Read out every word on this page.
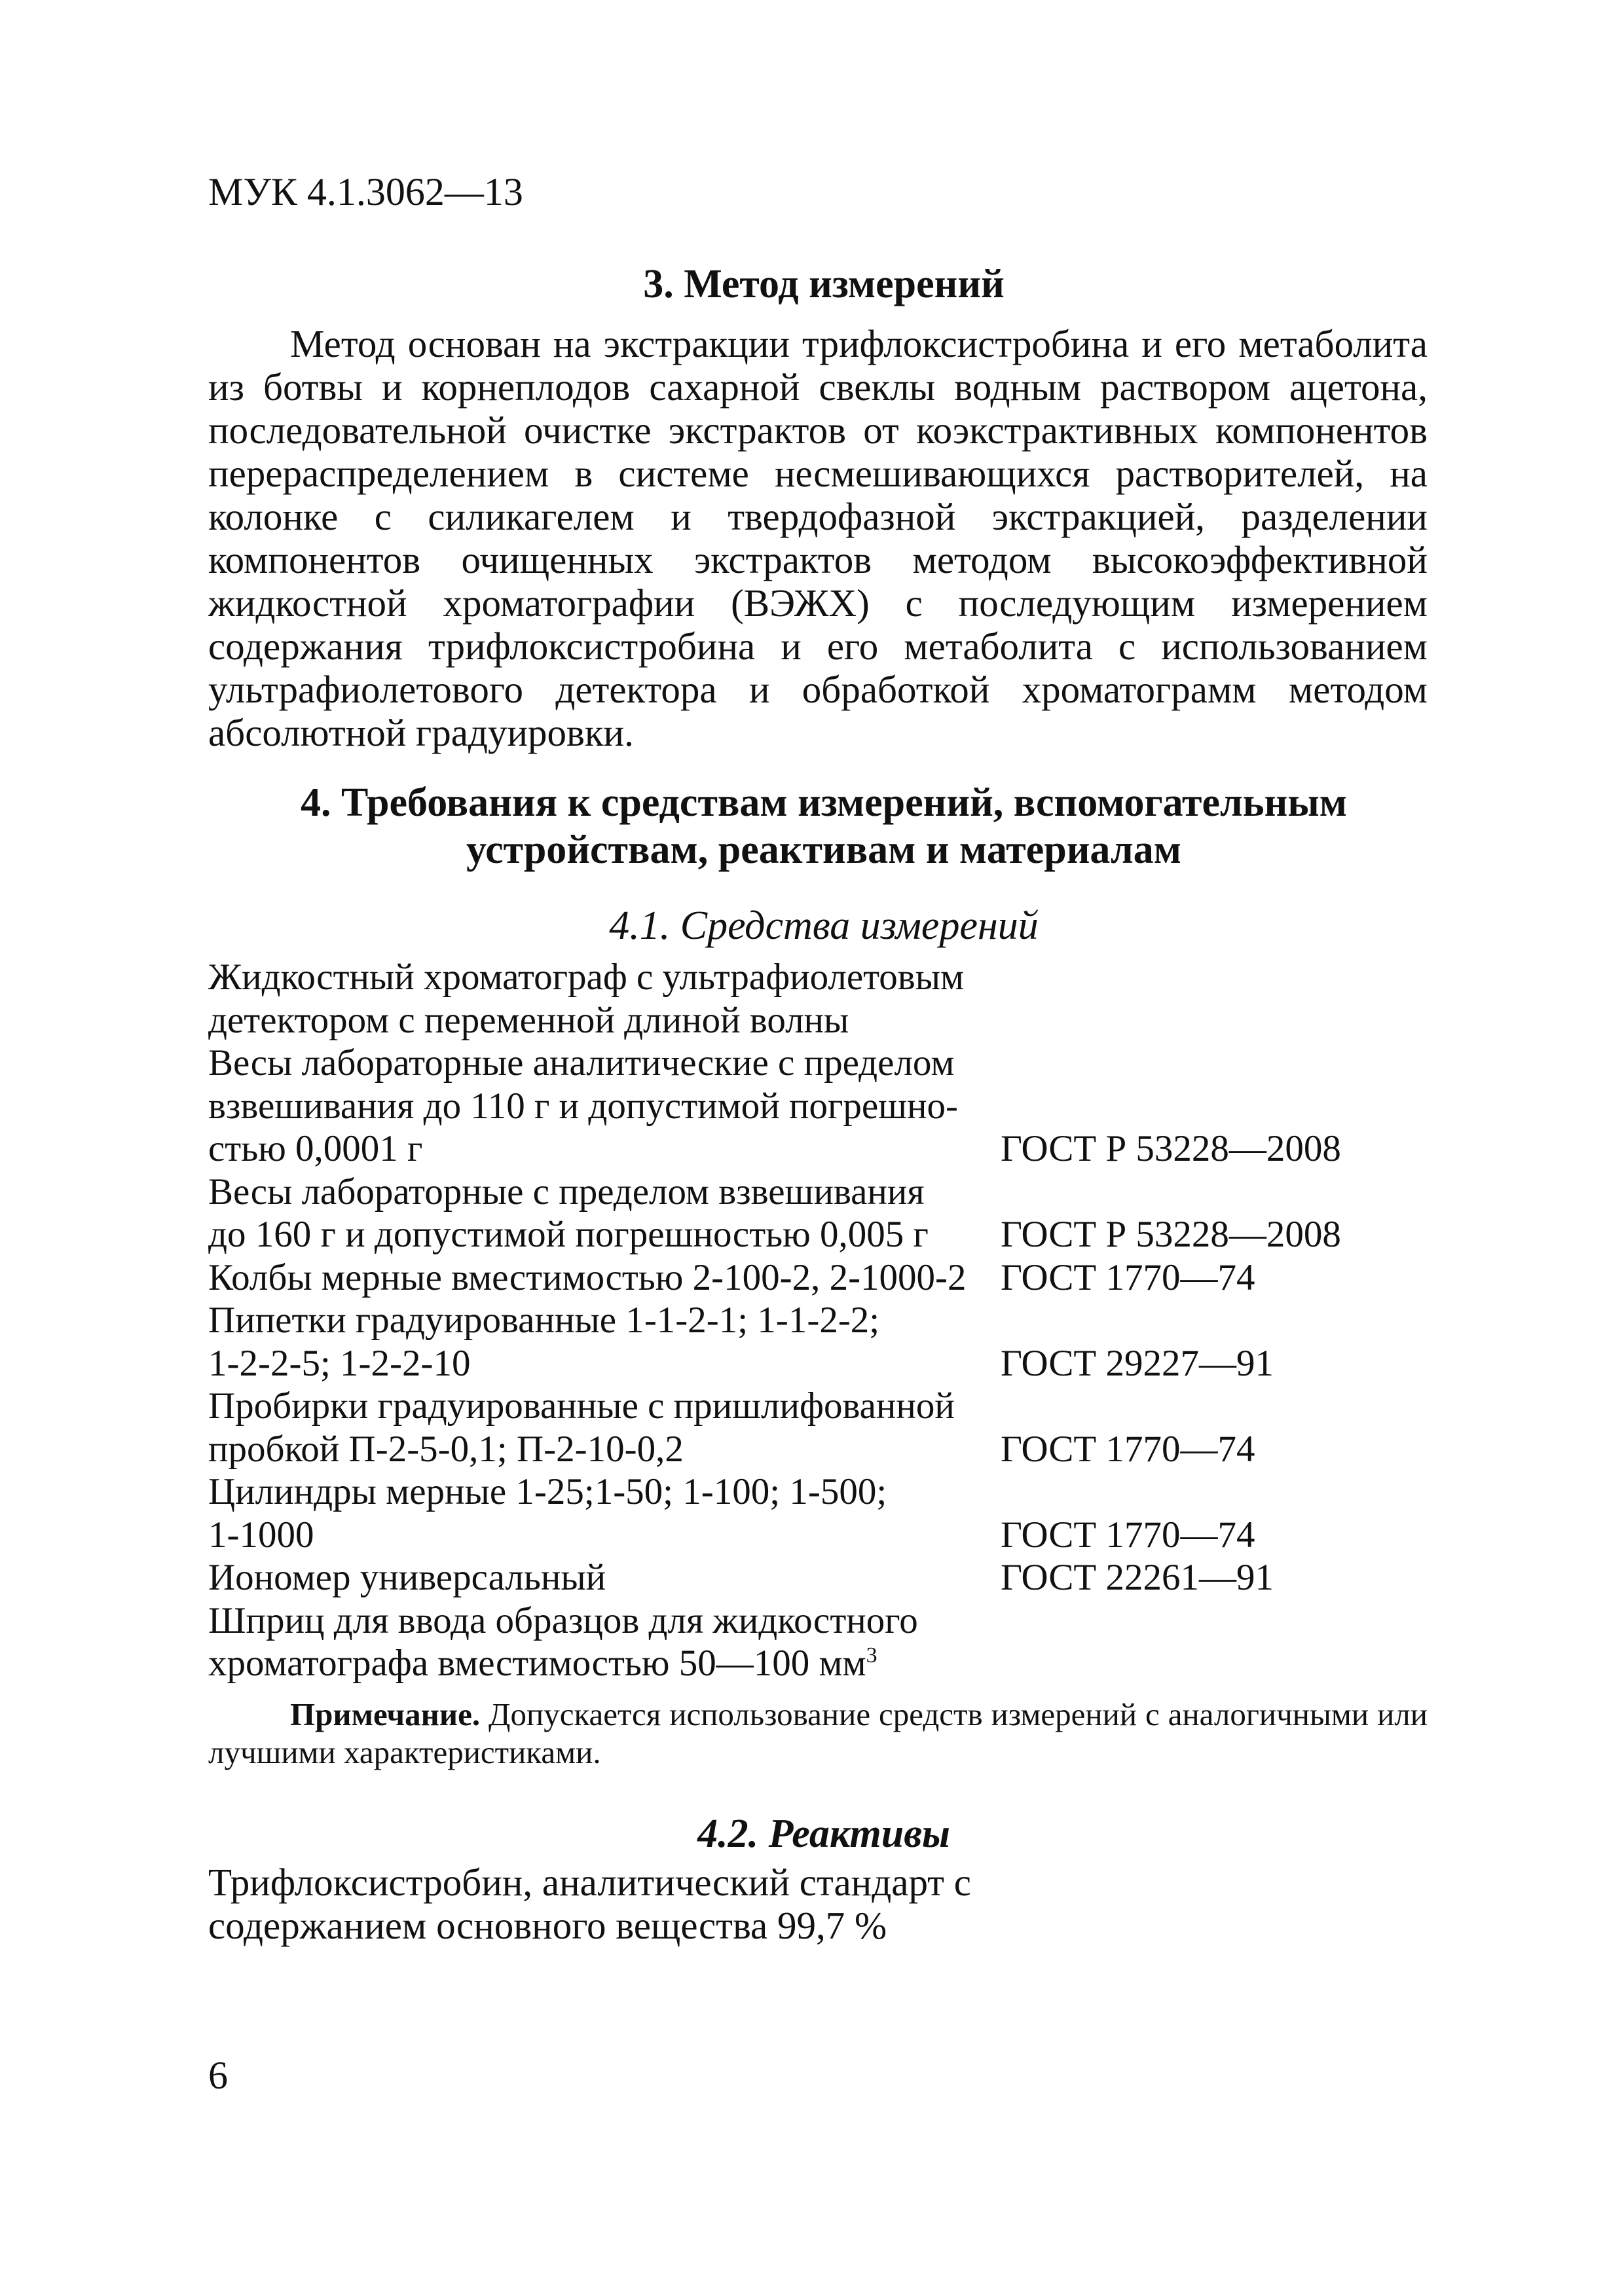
МУК 4.1.3062—13
3. Метод измерений

Метод основан на экстракции трифлоксистробина и его метаболита из ботвы и корнеплодов сахарной свеклы водным раствором ацетона, последовательной очистке экстрактов от коэкстрактивных компонентов перераспределением в системе несмешивающихся растворителей, на колонке с силикагелем и твердофазной экстракцией, разделении компонентов очищенных экстрактов методом высокоэффективной жидкостной хроматографии (ВЭЖХ) с последующим измерением содержания трифлоксистробина и его метаболита с использованием ультрафиолетового детектора и обработкой хроматограмм методом абсолютной градуировки.

4. Требования к средствам измерений, вспомогательным
устройствам, реактивам и материалам
4.1. Средства измерений
Жидкостный хроматограф с ультрафиолетовым
детектором с переменной длиной волны
Весы лабораторные аналитические с пределом
взвешивания до 110 г и допустимой погрешно-
стью 0,0001 г	ГОСТ Р 53228—2008
Весы лабораторные с пределом взвешивания
до 160 г и допустимой погрешностью 0,005 г	ГОСТ Р 53228—2008
Колбы мерные вместимостью 2-100-2, 2-1000-2 ГОСТ 1770—74
Пипетки градуированные 1-1-2-1; 1-1-2-2;
1-2-2-5; 1-2-2-10	ГОСТ 29227—91
Пробирки градуированные с пришлифованной
пробкой П-2-5-0,1; П-2-10-0,2	ГОСТ 1770—74
Цилиндры мерные 1-25;1-50; 1-100; 1-500;
1-1000	ГОСТ 1770—74
Иономер универсальный	ГОСТ 22261—91
Шприц для ввода образцов для жидкостного
хроматографа вместимостью 50—100 $мм^3$

Примечание. Допускается использование средств измерений с аналогичными или лучшими характеристиками.

4.2. Реактивы
Трифлоксистробин, аналитический стандарт с
содержанием основного вещества 99,7 %
6
